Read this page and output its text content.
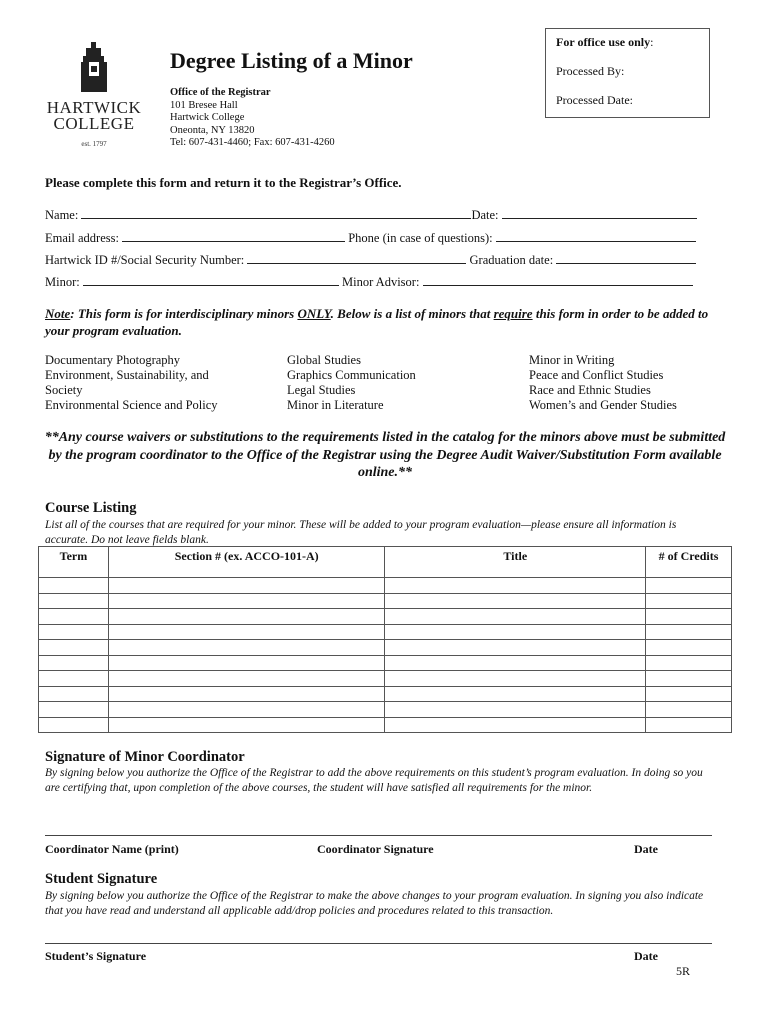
HARTWICK
COLLEGE
est. 1797
Degree Listing of a Minor
Office of the Registrar
101 Bresee Hall
Hartwick College
Oneonta, NY 13820
Tel: 607-431-4460; Fax: 607-431-4260
For office use only:
Processed By:
Processed Date:
Please complete this form and return it to the Registrar’s Office.
Name:	Date:
Email address:	Phone (in case of questions):
Hartwick ID #/Social Security Number:	Graduation date:
Minor:	Minor Advisor:
Note: This form is for interdisciplinary minors ONLY. Below is a list of minors that require this form in order to be added to your program evaluation.
Documentary Photography
Environment, Sustainability, and
Society
Environmental Science and Policy
Global Studies
Graphics Communication
Legal Studies
Minor in Literature
Minor in Writing
Peace and Conflict Studies
Race and Ethnic Studies
Women’s and Gender Studies
**Any course waivers or substitutions to the requirements listed in the catalog for the minors above must be submitted by the program coordinator to the Office of the Registrar using the Degree Audit Waiver/Substitution Form available online.**
Course Listing
List all of the courses that are required for your minor. These will be added to your program evaluation—please ensure all information is accurate. Do not leave fields blank.
Term	Section # (ex. ACCO-101-A)	Title	# of Credits

Signature of Minor Coordinator
By signing below you authorize the Office of the Registrar to add the above requirements on this student’s program evaluation. In doing so you are certifying that, upon completion of the above courses, the student will have satisfied all requirements for the minor.
Coordinator Name (print)	Coordinator Signature	Date
Student Signature
By signing below you authorize the Office of the Registrar to make the above changes to your program evaluation. In signing you also indicate that you have read and understand all applicable add/drop policies and procedures related to this transaction.
Student’s Signature	Date
5R
